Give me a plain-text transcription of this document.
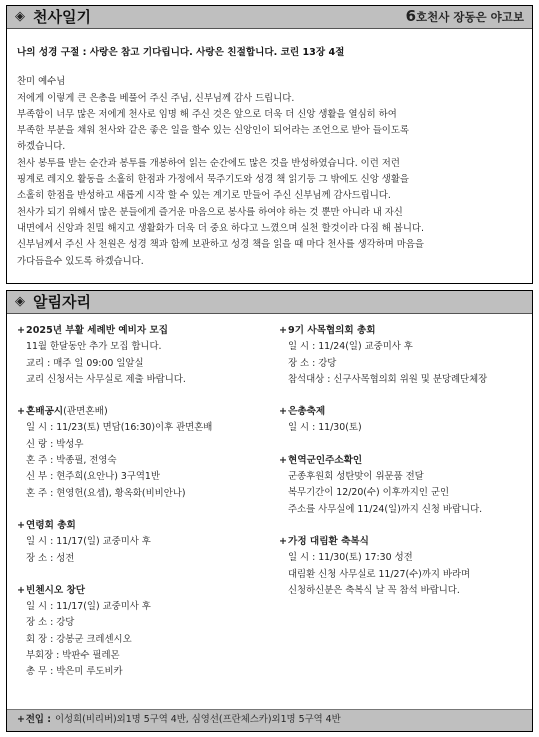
◈ 천사일기	6호천사 장동은 야고보
나의 성경 구절 : 사랑은 참고 기다립니다. 사랑은 친절합니다. 코린 13장 4절

찬미 예수님

저에게 이렇게 큰 은총을 베풀어 주신 주님, 신부님께 감사 드립니다.

부족함이 너무 많은 저에게 천사로 임명 해 주신 것은 앞으로 더욱 더 신앙 생활을 열심히 하여

부족한 부분을 채워 천사와 같은 좋은 일을 할수 있는 신앙인이 되어라는 조언으로 받아 들이도록

하겠습니다.

천사 봉투를 받는 순간과 봉투를 개봉하여 읽는 순간에도 많은 것을 반성하였습니다. 이런 저런

핑계로 레지오 활동을 소홀히 한점과 가정에서 묵주기도와 성경 책 읽기등 그 밖에도 신앙 생활을

소홀히 한점을 반성하고 새롭게 시작 할 수 있는 계기로 만들어 주신 신부님께 감사드립니다.

천사가 되기 위해서 많은 분들에게 즐거운 마음으로 봉사를 하여야 하는 것 뿐만 아니라 내 자신

내면에서 신앙과 친밀 해지고 생활화가 더욱 더 중요 하다고 느꼈으며 실천 할것이라 다짐 해 봅니다.

신부님께서 주신 사 천원은 성경 책과 함께 보관하고 성경 책을 읽을 때 마다 천사를 생각하며 마음을

가다듬을수 있도록 하겠습니다.

◈ 알림자리
+2025년 부활 세례반 예비자 모집
11월 한달동안 추가 모집 합니다.
교리 : 매주 일 09:00 일알실
교리 신청서는 사무실로 제출 바랍니다.
+혼배공시(관면혼배)
일 시 : 11/23(토) 면담(16:30)이후 관면혼배
신 랑 : 박성우
혼 주 : 박종필, 전영숙
신 부 : 현주희(요안나) 3구역1반
혼 주 : 현영헌(요셉), 황옥화(비비안나)
+연령회 총회
일 시 : 11/17(일) 교중미사 후
장 소 : 성전
+빈첸시오 창단
일 시 : 11/17(일) 교중미사 후
장 소 : 강당
회 장 : 강봉군 크레센시오
부회장 : 박판수 필레몬
총 무 : 박은미 루도비카
+9기 사목협의회 총회
일 시 : 11/24(일) 교중미사 후
장 소 : 강당
참석대상 : 신구사목협의회 위원 및 분당례단체장
+은총축제
일 시 : 11/30(토)
+현역군인주소확인
군종후원회 성탄맞이 위문품 전달
복무기간이 12/20(수) 이후까지인 군인
주소를 사무실에 11/24(일)까지 신청 바랍니다.
+가정 대림환 축복식
일 시 : 11/30(토) 17:30 성전
대림환 신청 사무실로 11/27(수)까지 바라며
신청하신분은 축복식 날 꼭 참석 바랍니다.
+ 전입 : 이성희(비리버)외1명 5구역 4반, 심영선(프란체스카)외1명 5구역 4반
